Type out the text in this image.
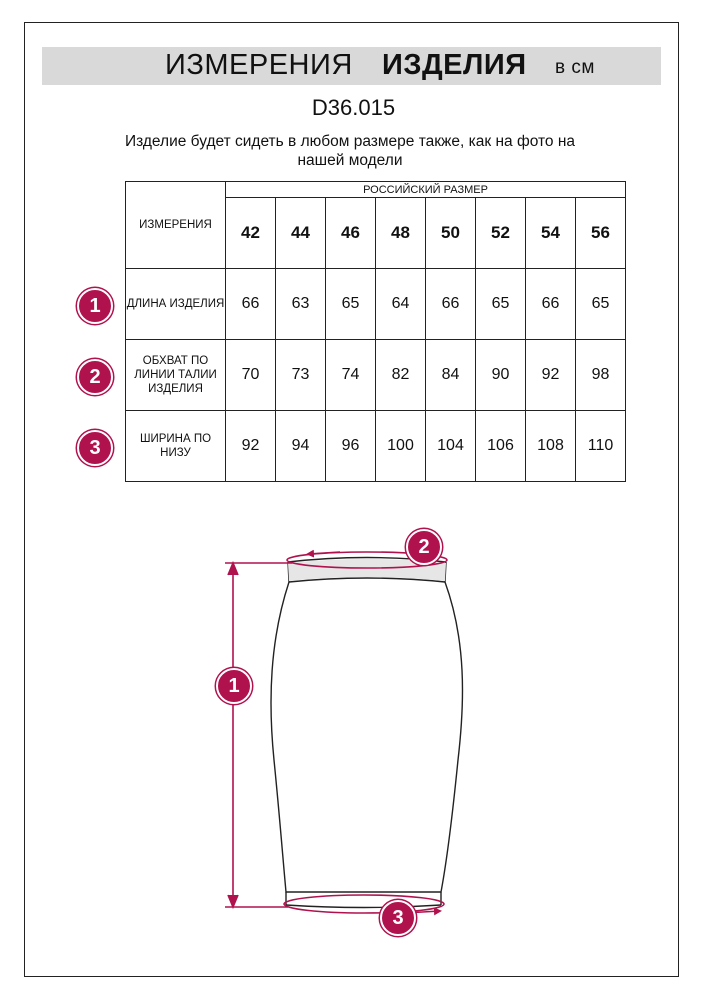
ИЗМЕРЕНИЯ ИЗДЕЛИЯ в см
D36.015
Изделие будет сидеть в любом размере также, как на фото на нашей модели
ИЗМЕРЕНИЯ	РОССИЙСКИЙ РАЗМЕР							
	42	44	46	48	50	52	54	56
ДЛИНА ИЗДЕЛИЯ	66	63	65	64	66	65	66	65
ОБХВАТ ПО ЛИНИИ ТАЛИИ ИЗДЕЛИЯ	70	73	74	82	84	90	92	98
ШИРИНА ПО НИЗУ	92	94	96	100	104	106	108	110
1
2
3
1
2
3
